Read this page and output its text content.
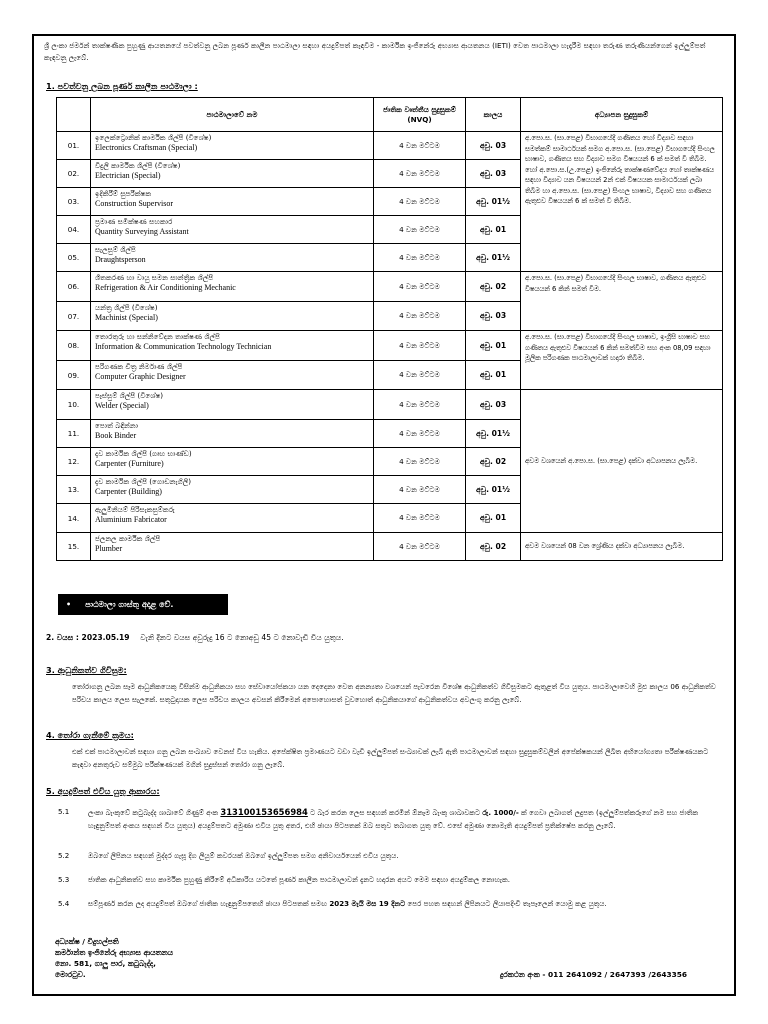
ශ්‍රී ලංකා ජර්මන් තාක්ෂණික පුහුණු ආයතනයේ පවත්වනු ලබන පූර්ණ කාලීන පාඨමාලා සඳහා අයදුම්පත් කැඳවීම - කාර්මික ඉංජිනේරු අභ්‍යාස ආයතනය (IETI) වෙත පාඨමාලා හැදෑරීම සඳහා තරුණ තරුණියන්ගෙන් ඉල්ලුම්පත් කැඳවනු ලැබේ.
1. පවත්වනු ලබන පූර්ණ කාලීන පාඨමාලා :
	පාඨමාලාවේ නම	ජාතික වෘත්තීය සුදුසුකම් (NVQ)	කාලය	අධ්‍යාපන සුදුසුකම්
01.	ඉලෙක්ට්‍රොනික් කාර්මික ශිල්පී (විශේෂ)
Electronics Craftsman (Special)	4 වන මට්ටම	අවු. 03	අ.පො.ස. (සා.පෙළ) විභාගයේදී ගණිතය හෝ විද්‍යාව සඳහා සමත්කම් සාමාර්ථයක් සමග අ.පො.ස. (සා.පෙළ) විභාගයේදී සිංහල භාෂාව, ගණිතය සහ විද්‍යාව සමග විෂයයන් 6 ක් සමත් වී තිබීම. හෝ අ.පො.ස.(උ.පෙළ) ඉංජිනේරු තාක්ෂණවේදය හෝ තාක්ෂණය සඳහා විද්‍යාව යන විෂයයන් 2න් එක් විෂයයක සාමාර්ථයක් ලබා තිබීම හා අ.පො.ස. (සා.පෙළ) සිංහල භාෂාව, විද්‍යාව සහ ගණිතය ඇතුළුව විෂයයන් 6 ක් සමත් වී තිබීම.
02.	විදුලි කාර්මික ශිල්පී (විශේෂ)
Electrician (Special)	4 වන මට්ටම	අවු. 03	
03.	ඉදිකිරීම් සුපරීක්ෂක
Construction Supervisor	4 වන මට්ටම	අවු. 01½	
04.	ප්‍රමාණ සමීක්ෂණ සහකාර
Quantity Surveying Assistant	4 වන මට්ටම	අවු. 01	
05.	සැලසුම් ශිල්පී
Draughtsperson	4 වන මට්ටම	අවු. 01½	
06.	ශීතකරණ හා වායු සමන සාන්ත්‍රික ශිල්පී
Refrigeration & Air Conditioning Mechanic	4 වන මට්ටම	අවු. 02	අ.පො.ස. (සා.පෙළ) විභාගයේදී සිංහල භාෂාව, ගණිතය ඇතුළුව විෂයයන් 6 කින් සමත් වීම.
07.	යන්ත්‍ර ශිල්පී (විශේෂ)
Machinist (Special)	4 වන මට්ටම	අවු. 03	
08.	තොරතුරු හා සන්නිවේදන තාක්ෂණ ශිල්පී
Information & Communication Technology Technician	4 වන මට්ටම	අවු. 01	අ.පො.ස. (සා.පෙළ) විභාගයේදී සිංහල භාෂාව, ඉංග්‍රීසි භාෂාව සහ ගණිතය ඇතුළුව විෂයයන් 6 කින් සමත්වීම සහ අංක 08,09 සඳහා මූලික පරිගණක පාඨමාලාවක් හදාරා තිබීම.
09.	පරිගණක චිත්‍ර නිර්මාණ ශිල්පී
Computer Graphic Designer	4 වන මට්ටම	අවු. 01	
10.	පෑස්සුම් ශිල්පී (විශේෂ)
Welder (Special)	4 වන මට්ටම	අවු. 03	අවම වශයෙන් අ.පො.ස. (සා.පෙළ) දක්වා අධ්‍යාපනය ලැබීම.
11.	පොත් බඳින්නා
Book Binder	4 වන මට්ටම	අවු. 01½	
12.	දැව කාර්මික ශිල්පී (ගෘහ භාණ්ඩ)
Carpenter (Furniture)	4 වන මට්ටම	අවු. 02	
13.	දැව කාර්මික ශිල්පී (ගොඩනැගිලි)
Carpenter (Building)	4 වන මට්ටම	අවු. 01½	
14.	ඇලුමිනියම් පිරිසැකසුම්කරු
Aluminium Fabricator	4 වන මට්ටම	අවු. 01	
15.	ජලනල කාර්මික ශිල්පී
Plumber	4 වන මට්ටම	අවු. 02	අවම වශයෙන් 08 වන ශ්‍රේණිය දක්වා අධ්‍යාපනය ලැබීම.
• පාඨමාලා ගාස්තු අදාළ වේ.
2. වයස : 2023.05.19 වැනි දිනට වයස අවුරුදු 16 ට නොඅඩු 45 ට නොවැඩි විය යුතුය.
3. ආධුනිකත්ව ගිවිසුම:
තෝරාගනු ලබන සෑම ආධුනිකයෙකු විසින්ම ආධුනිකයා සහ සේවායෝජකයා යන දෙදෙනා වෙත අනන්‍යතා වශයෙන් පැවරෙන විශේෂ ආධුනිකත්ව ගිවිසුමකට ඇතුළත් විය යුතුය. පාඨමාලාවෙහි මුළු කාලය 06 ආධුනිකත්ව පරිචය කාලය ලෙස සැලකේ. සතුටුදායක ලෙස පරිචය කාලය අවසන් කිරීමෙන් අපොහොසත් වුවහොත් ආධුනිකයාගේ ආධුනිකත්වය අවලංගු කරනු ලැබේ.
4. තෝරා ගැනීමේ ක්‍රමය:
එක් එක් පාඨමාලාවන් සඳහා ගනු ලබන සංඛ්‍යාව වෙනස් විය හැකිය. අපේක්ෂිත ප්‍රමාණයට වඩා වැඩි ඉල්ලුම්පත් සංඛ්‍යාවක් ලැබී ඇති පාඨමාලාවන් සඳහා සුදුසුකම්වලින් අපේක්ෂකයන් ලිඛිත අභියෝග්‍යතා පරීක්ෂණයකට කැඳවා අනතුරුව සම්මුඛ පරීක්ෂණයක් මගින් සුදුස්සන් තෝරා ගනු ලැබේ.
5. අයදුම්පත් එවිය යුතු ආකාරය:
5.1	ලංකා බැංකුවේ කටුබැද්ද ශාඛාවේ ගිණුම් අංක 313100153656984 ට බැර කරන ලෙස සඳහන් කරමින් ඕනෑම බැංකු ශාඛාවකට රු. 1000/- ක් ගෙවා ලබාගත් ලදුපත (ඉල්ලුම්පත්කරුගේ නම සහ ජාතික හැඳුනුම්පත් අංකය සඳහන් විය යුතුය) අයදුම්පතට අමුණා එවිය යුතු අතර, එහි ඡායා පිටපතක් ඔබ සතුව තබාගත යුතු වේ. එසේ අමුණා නොමැති අයදුම්පත් ප්‍රතික්ෂේප කරනු ලැබේ.
5.2	ඔබගේ ලිපිනය සඳහන් මුද්දර ගැසූ දිග ලියුම් කවරයක් ඔබගේ ඉල්ලුම්පත සමග අනිවාර්යයෙන් එවිය යුතුය.
5.3	ජාතික ආධුනිකත්ව සහ කාර්මික පුහුණු කිරීමේ අධිකාරිය යටතේ පූර්ණ කාලීන පාඨමාලාවන් දැනට හදාරන අයට මෙම සඳහා අයදුම්කල නොහැක.
5.4	සම්පූර්ණ කරන ලද අයදුම්පත් ඔබගේ ජාතික හැඳුනුම්පතෙහි ඡායා පිටපතක් සමඟ 2023 මැයි මස 19 දිනට පෙර පහත සඳහන් ලිපිනයට ලියාපදිංචි තැපෑලෙන් යොමු කළ යුතුය.
අධ්‍යක්ෂ / විදුහල්පති
කර්මාන්ත ඉංජිනේරු අභ්‍යාස ආයතනය
නො. 581, ගාලු පාර, කටුබැද්ද,
මොරටුව.	දුරකථන අංක - 011 2641092 / 2647393 /2643356
